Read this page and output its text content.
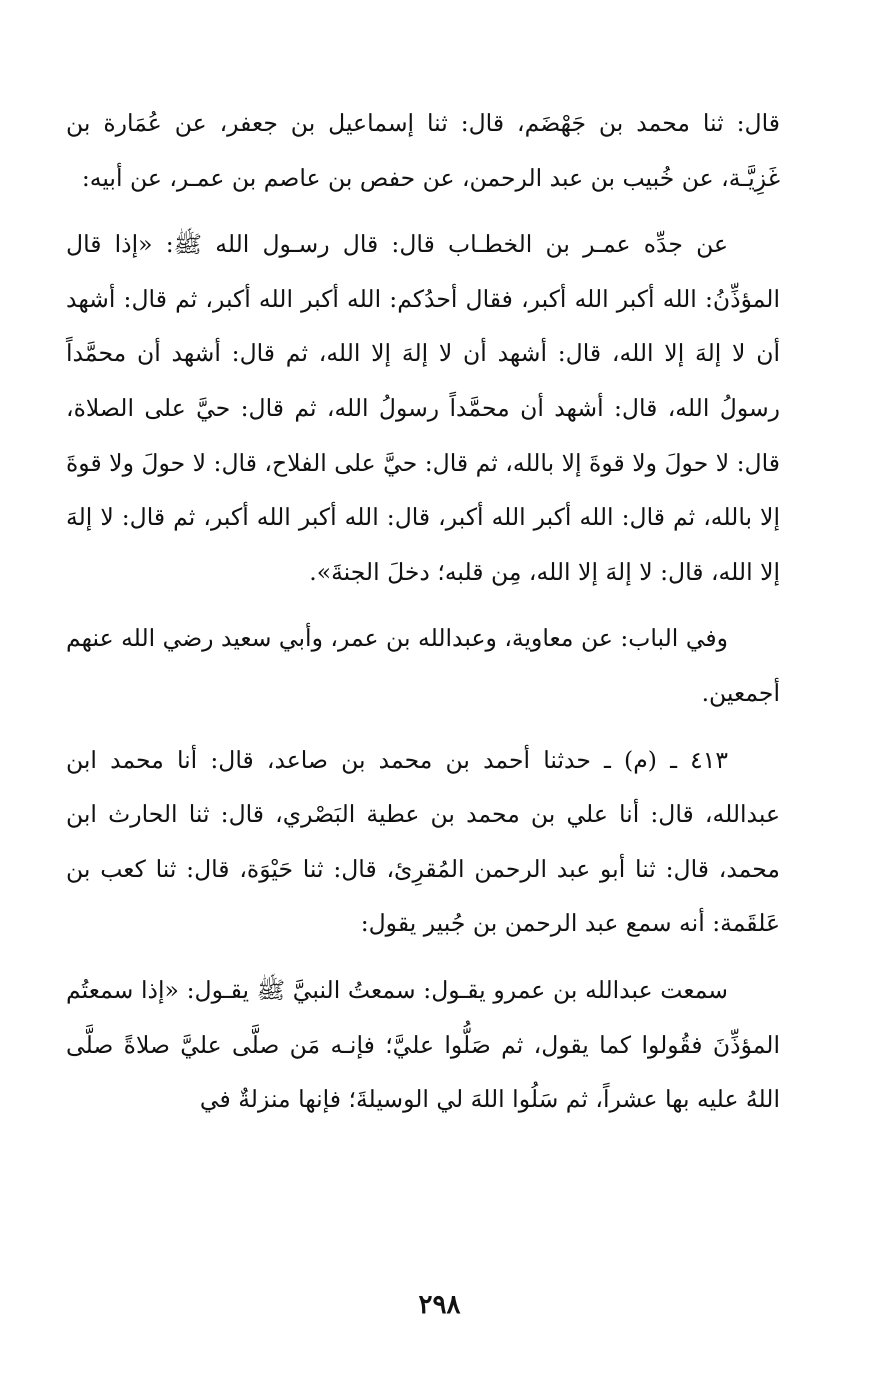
قال: ثنا محمد بن جَهْضَم، قال: ثنا إسماعيل بن جعفر، عن عُمَارة بن غَزِيَّـة، عن خُبيب بن عبد الرحمن، عن حفص بن عاصم بن عمـر، عن أبيه:

عن جدِّه عمـر بن الخطـاب قال: قال رسـول الله ﷺ: «إذا قال المؤذِّنُ: الله أكبر الله أكبر، فقال أحدُكم: الله أكبر الله أكبر، ثم قال: أشهد أن لا إلهَ إلا الله، قال: أشهد أن لا إلهَ إلا الله، ثم قال: أشهد أن محمَّداً رسولُ الله، قال: أشهد أن محمَّداً رسولُ الله، ثم قال: حيَّ على الصلاة، قال: لا حولَ ولا قوةَ إلا بالله، ثم قال: حيَّ على الفلاح، قال: لا حولَ ولا قوةَ إلا بالله، ثم قال: الله أكبر الله أكبر، قال: الله أكبر الله أكبر، ثم قال: لا إلهَ إلا الله، قال: لا إلهَ إلا الله، مِن قلبه؛ دخلَ الجنةَ».

وفي الباب: عن معاوية، وعبدالله بن عمر، وأبي سعيد رضي الله عنهم أجمعين.

٤١٣ ـ (م) ـ حدثنا أحمد بن محمد بن صاعد، قال: أنا محمد ابن عبدالله، قال: أنا علي بن محمد بن عطية البَصْري، قال: ثنا الحارث ابن محمد، قال: ثنا أبو عبد الرحمن المُقرِئ، قال: ثنا حَيْوَة، قال: ثنا كعب بن عَلقَمة: أنه سمع عبد الرحمن بن جُبير يقول:

سمعت عبدالله بن عمرو يقـول: سمعتُ النبيَّ ﷺ يقـول: «إذا سمعتُم المؤذِّنَ فقُولوا كما يقول، ثم صَلُّوا عليَّ؛ فإنـه مَن صلَّى عليَّ صلاةً صلَّى اللهُ عليه بها عشراً، ثم سَلُوا اللهَ لي الوسيلةَ؛ فإنها منزلةٌ في

٢٩٨
